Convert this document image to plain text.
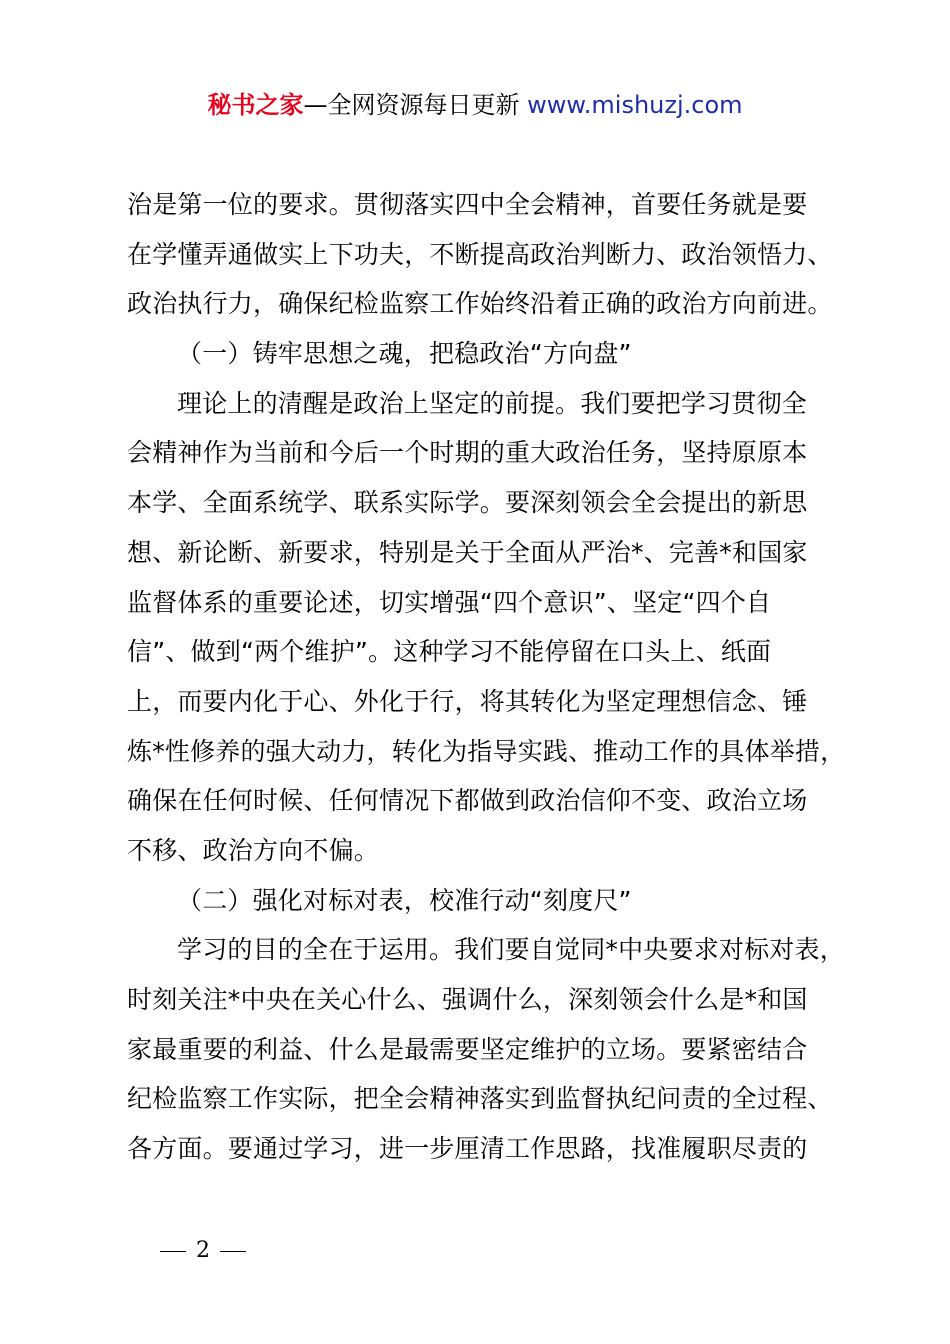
秘书之家—全网资源每日更新 www.mishuzj.com
治是第一位的要求。贯彻落实四中全会精神，首要任务就是要
在学懂弄通做实上下功夫，不断提高政治判断力、政治领悟力、
政治执行力，确保纪检监察工作始终沿着正确的政治方向前进。
（一）铸牢思想之魂，把稳政治“方向盘”
理论上的清醒是政治上坚定的前提。我们要把学习贯彻全
会精神作为当前和今后一个时期的重大政治任务，坚持原原本
本学、全面系统学、联系实际学。要深刻领会全会提出的新思
想、新论断、新要求，特别是关于全面从严治*、完善*和国家
监督体系的重要论述，切实增强“四个意识”、坚定“四个自
信”、做到“两个维护”。这种学习不能停留在口头上、纸面
上，而要内化于心、外化于行，将其转化为坚定理想信念、锤
炼*性修养的强大动力，转化为指导实践、推动工作的具体举措，
确保在任何时候、任何情况下都做到政治信仰不变、政治立场
不移、政治方向不偏。
（二）强化对标对表，校准行动“刻度尺”
学习的目的全在于运用。我们要自觉同*中央要求对标对表，
时刻关注*中央在关心什么、强调什么，深刻领会什么是*和国
家最重要的利益、什么是最需要坚定维护的立场。要紧密结合
纪检监察工作实际，把全会精神落实到监督执纪问责的全过程、
各方面。要通过学习，进一步厘清工作思路，找准履职尽责的
2
